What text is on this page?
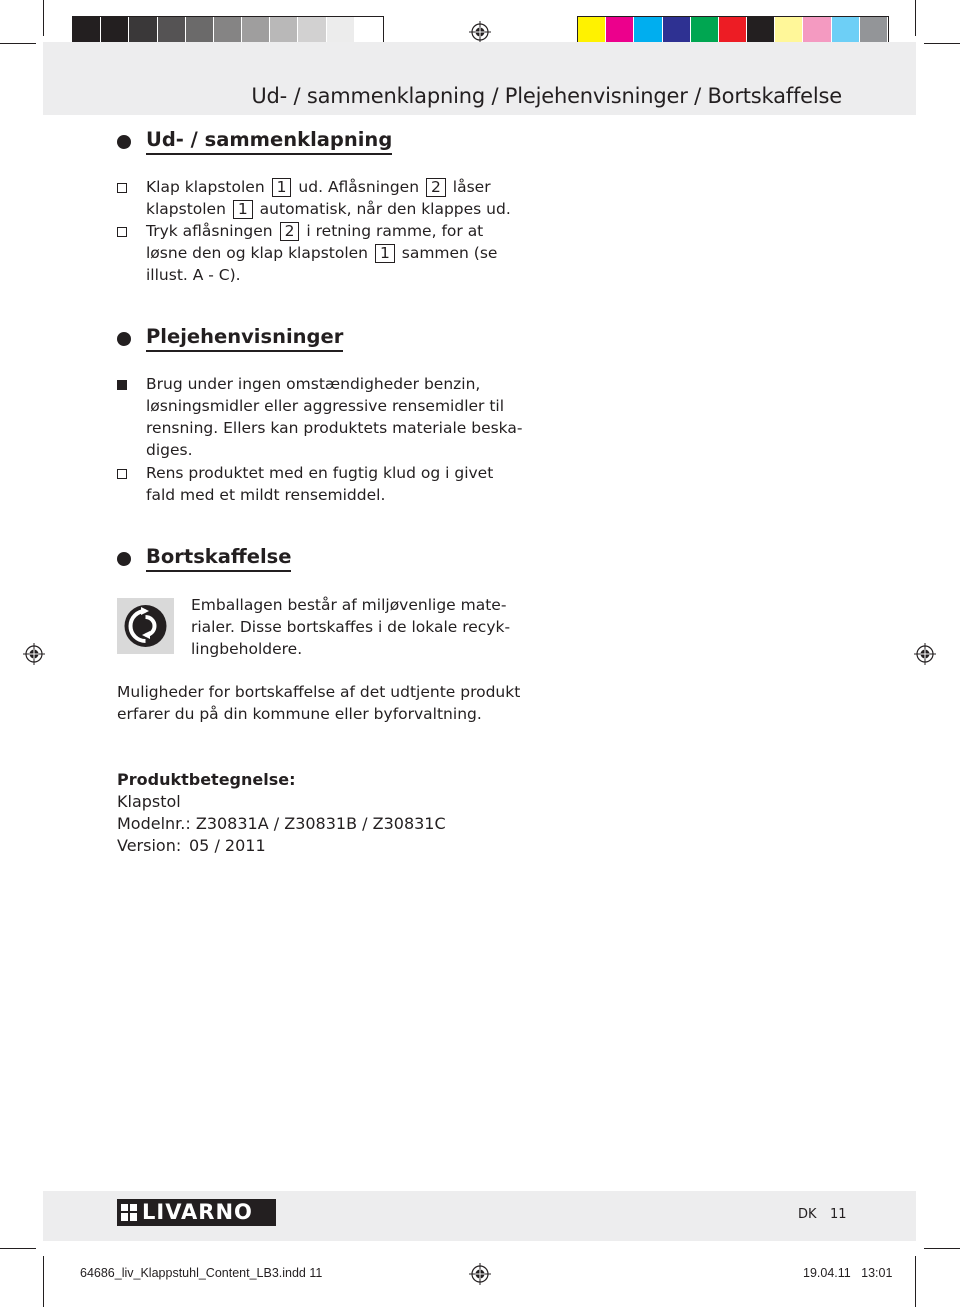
Ud- / sammenklapning / Plejehenvisninger / Bortskaffelse
Ud- / sammenklapning
Klap klapstolen 1 ud. Aflåsningen 2 låser
klapstolen 1 automatisk, når den klappes ud.
Tryk aflåsningen 2 i retning ramme, for at
løsne den og klap klapstolen 1 sammen (se
illust. A - C).
Plejehenvisninger
Brug under ingen omstændigheder benzin,
løsningsmidler eller aggressive rensemidler til
rensning. Ellers kan produktets materiale beska-
diges.
Rens produktet med en fugtig klud og i givet
fald med et mildt rensemiddel.
Bortskaffelse
Emballagen består af miljøvenlige mate-
rialer. Disse bortskaffes i de lokale recyk-
lingbeholdere.
Muligheder for bortskaffelse af det udtjente produkt
erfarer du på din kommune eller byforvaltning.
Produktbetegnelse:
Klapstol
Modelnr.: Z30831A / Z30831B / Z30831C
Version: 05 / 2011
LIVARNO	DK 11
64686_liv_Klappstuhl_Content_LB3.indd 11	19.04.11   13:01
